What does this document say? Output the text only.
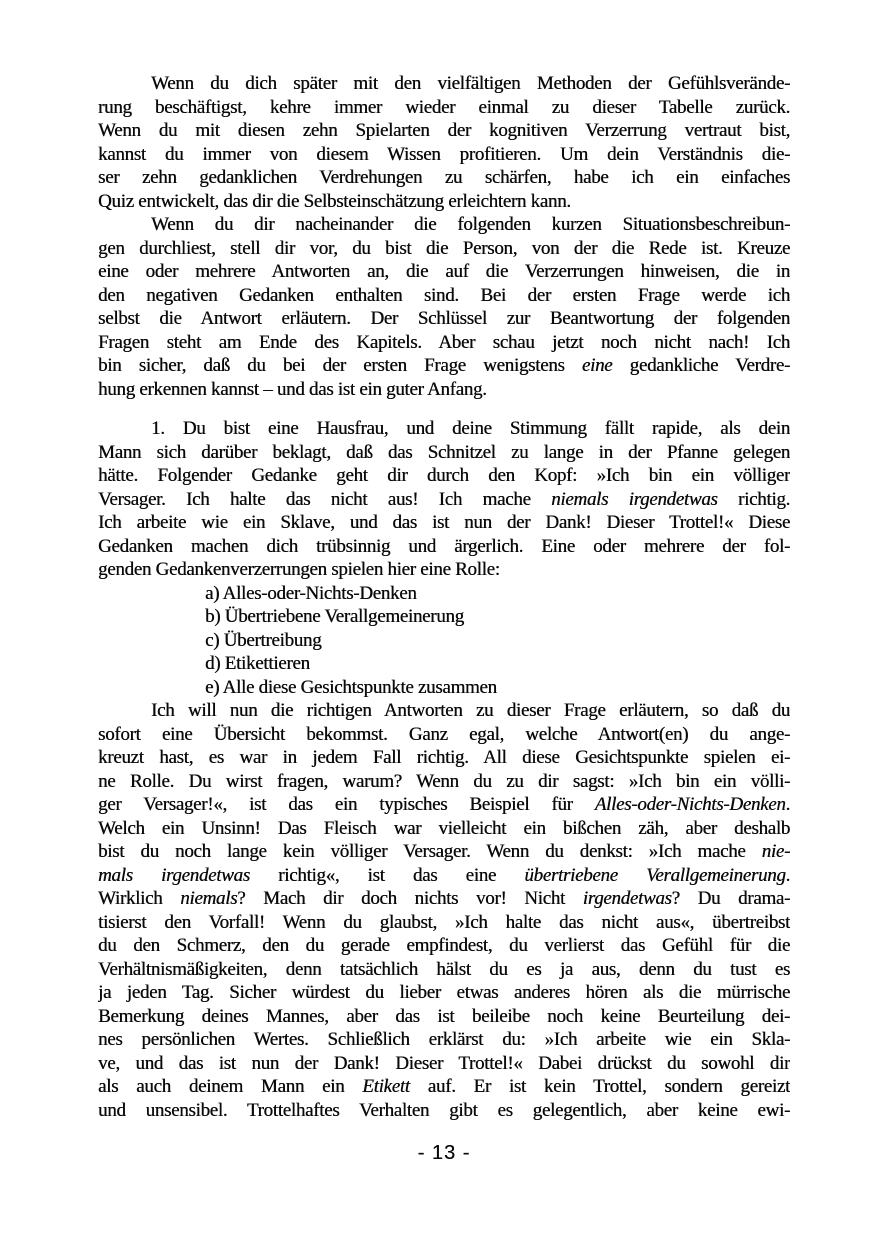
Wenn du dich später mit den vielfältigen Methoden der Gefühlsverände-
rung beschäftigst, kehre immer wieder einmal zu dieser Tabelle zurück.
Wenn du mit diesen zehn Spielarten der kognitiven Verzerrung vertraut bist,
kannst du immer von diesem Wissen profitieren. Um dein Verständnis die-
ser zehn gedanklichen Verdrehungen zu schärfen, habe ich ein einfaches
Quiz entwickelt, das dir die Selbsteinschätzung erleichtern kann.
Wenn du dir nacheinander die folgenden kurzen Situationsbeschreibun-
gen durchliest, stell dir vor, du bist die Person, von der die Rede ist. Kreuze
eine oder mehrere Antworten an, die auf die Verzerrungen hinweisen, die in
den negativen Gedanken enthalten sind. Bei der ersten Frage werde ich
selbst die Antwort erläutern. Der Schlüssel zur Beantwortung der folgenden
Fragen steht am Ende des Kapitels. Aber schau jetzt noch nicht nach! Ich
bin sicher, daß du bei der ersten Frage wenigstens eine gedankliche Verdre-
hung erkennen kannst – und das ist ein guter Anfang.
1. Du bist eine Hausfrau, und deine Stimmung fällt rapide, als dein
Mann sich darüber beklagt, daß das Schnitzel zu lange in der Pfanne gelegen
hätte. Folgender Gedanke geht dir durch den Kopf: »Ich bin ein völliger
Versager. Ich halte das nicht aus! Ich mache niemals irgendetwas richtig.
Ich arbeite wie ein Sklave, und das ist nun der Dank! Dieser Trottel!« Diese
Gedanken machen dich trübsinnig und ärgerlich. Eine oder mehrere der fol-
genden Gedankenverzerrungen spielen hier eine Rolle:
a) Alles-oder-Nichts-Denken
b) Übertriebene Verallgemeinerung
c) Übertreibung
d) Etikettieren
e) Alle diese Gesichtspunkte zusammen
Ich will nun die richtigen Antworten zu dieser Frage erläutern, so daß du
sofort eine Übersicht bekommst. Ganz egal, welche Antwort(en) du ange-
kreuzt hast, es war in jedem Fall richtig. All diese Gesichtspunkte spielen ei-
ne Rolle. Du wirst fragen, warum? Wenn du zu dir sagst: »Ich bin ein völli-
ger Versager!«, ist das ein typisches Beispiel für Alles-oder-Nichts-Denken.
Welch ein Unsinn! Das Fleisch war vielleicht ein bißchen zäh, aber deshalb
bist du noch lange kein völliger Versager. Wenn du denkst: »Ich mache nie-
mals irgendetwas richtig«, ist das eine übertriebene Verallgemeinerung.
Wirklich niemals? Mach dir doch nichts vor! Nicht irgendetwas? Du drama-
tisierst den Vorfall! Wenn du glaubst, »Ich halte das nicht aus«, übertreibst
du den Schmerz, den du gerade empfindest, du verlierst das Gefühl für die
Verhältnismäßigkeiten, denn tatsächlich hälst du es ja aus, denn du tust es
ja jeden Tag. Sicher würdest du lieber etwas anderes hören als die mürrische
Bemerkung deines Mannes, aber das ist beileibe noch keine Beurteilung dei-
nes persönlichen Wertes. Schließlich erklärst du: »Ich arbeite wie ein Skla-
ve, und das ist nun der Dank! Dieser Trottel!« Dabei drückst du sowohl dir
als auch deinem Mann ein Etikett auf. Er ist kein Trottel, sondern gereizt
und unsensibel. Trottelhaftes Verhalten gibt es gelegentlich, aber keine ewi-
- 13 -
